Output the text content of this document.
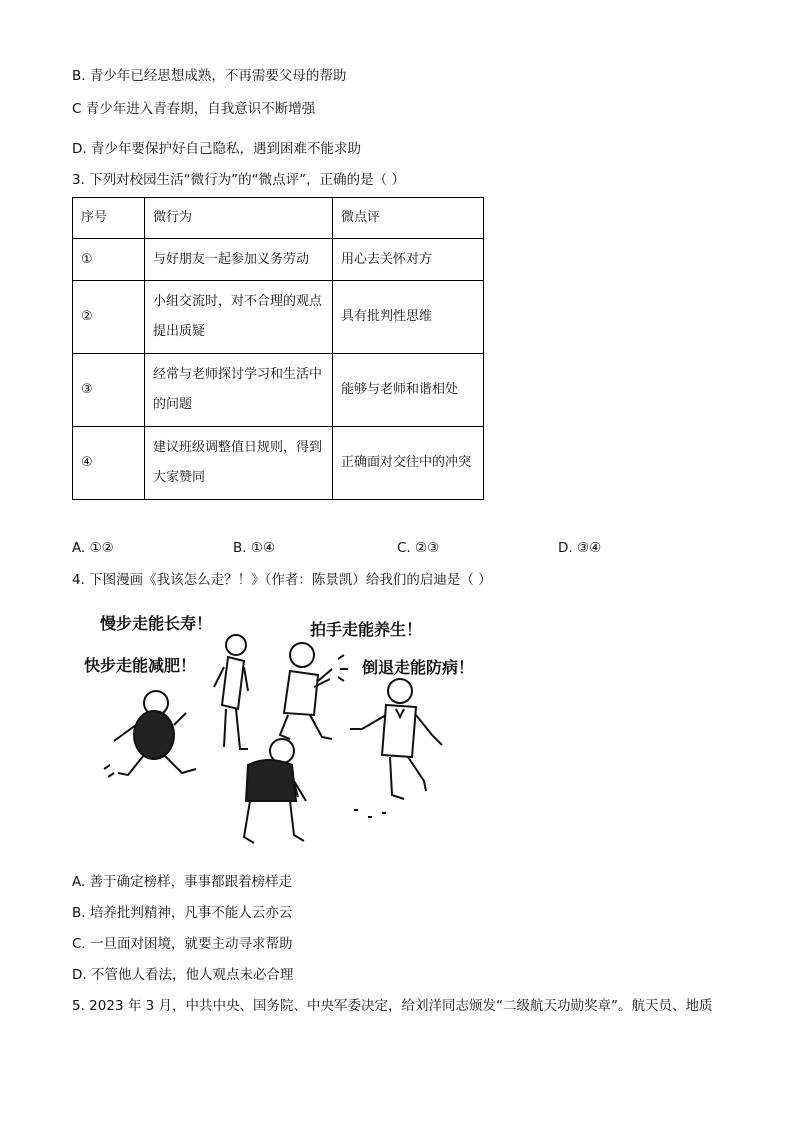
B. 青少年已经思想成熟，不再需要父母的帮助
C 青少年进入青春期，自我意识不断增强
D. 青少年要保护好自己隐私，遇到困难不能求助
3. 下列对校园生活“微行为”的“微点评”，正确的是（ ）
序号	微行为	微点评
①	与好朋友一起参加义务劳动	用心去关怀对方
②	小组交流时，对不合理的观点提出质疑	具有批判性思维
③	经常与老师探讨学习和生活中的问题	能够与老师和谐相处
④	建议班级调整值日规则，得到大家赞同	正确面对交往中的冲突
A. ①②	B. ①④	C. ②③	D. ③④
4. 下图漫画《我该怎么走？！》（作者：陈景凯）给我们的启迪是（ ）
慢步走能长寿！
快步走能减肥！
拍手走能养生！
倒退走能防病！
A. 善于确定榜样，事事都跟着榜样走
B. 培养批判精神，凡事不能人云亦云
C. 一旦面对困境，就要主动寻求帮助
D. 不管他人看法，他人观点未必合理
5. 2023 年 3 月，中共中央、国务院、中央军委决定，给刘洋同志颁发“二级航天功勋奖章”。航天员、地质
